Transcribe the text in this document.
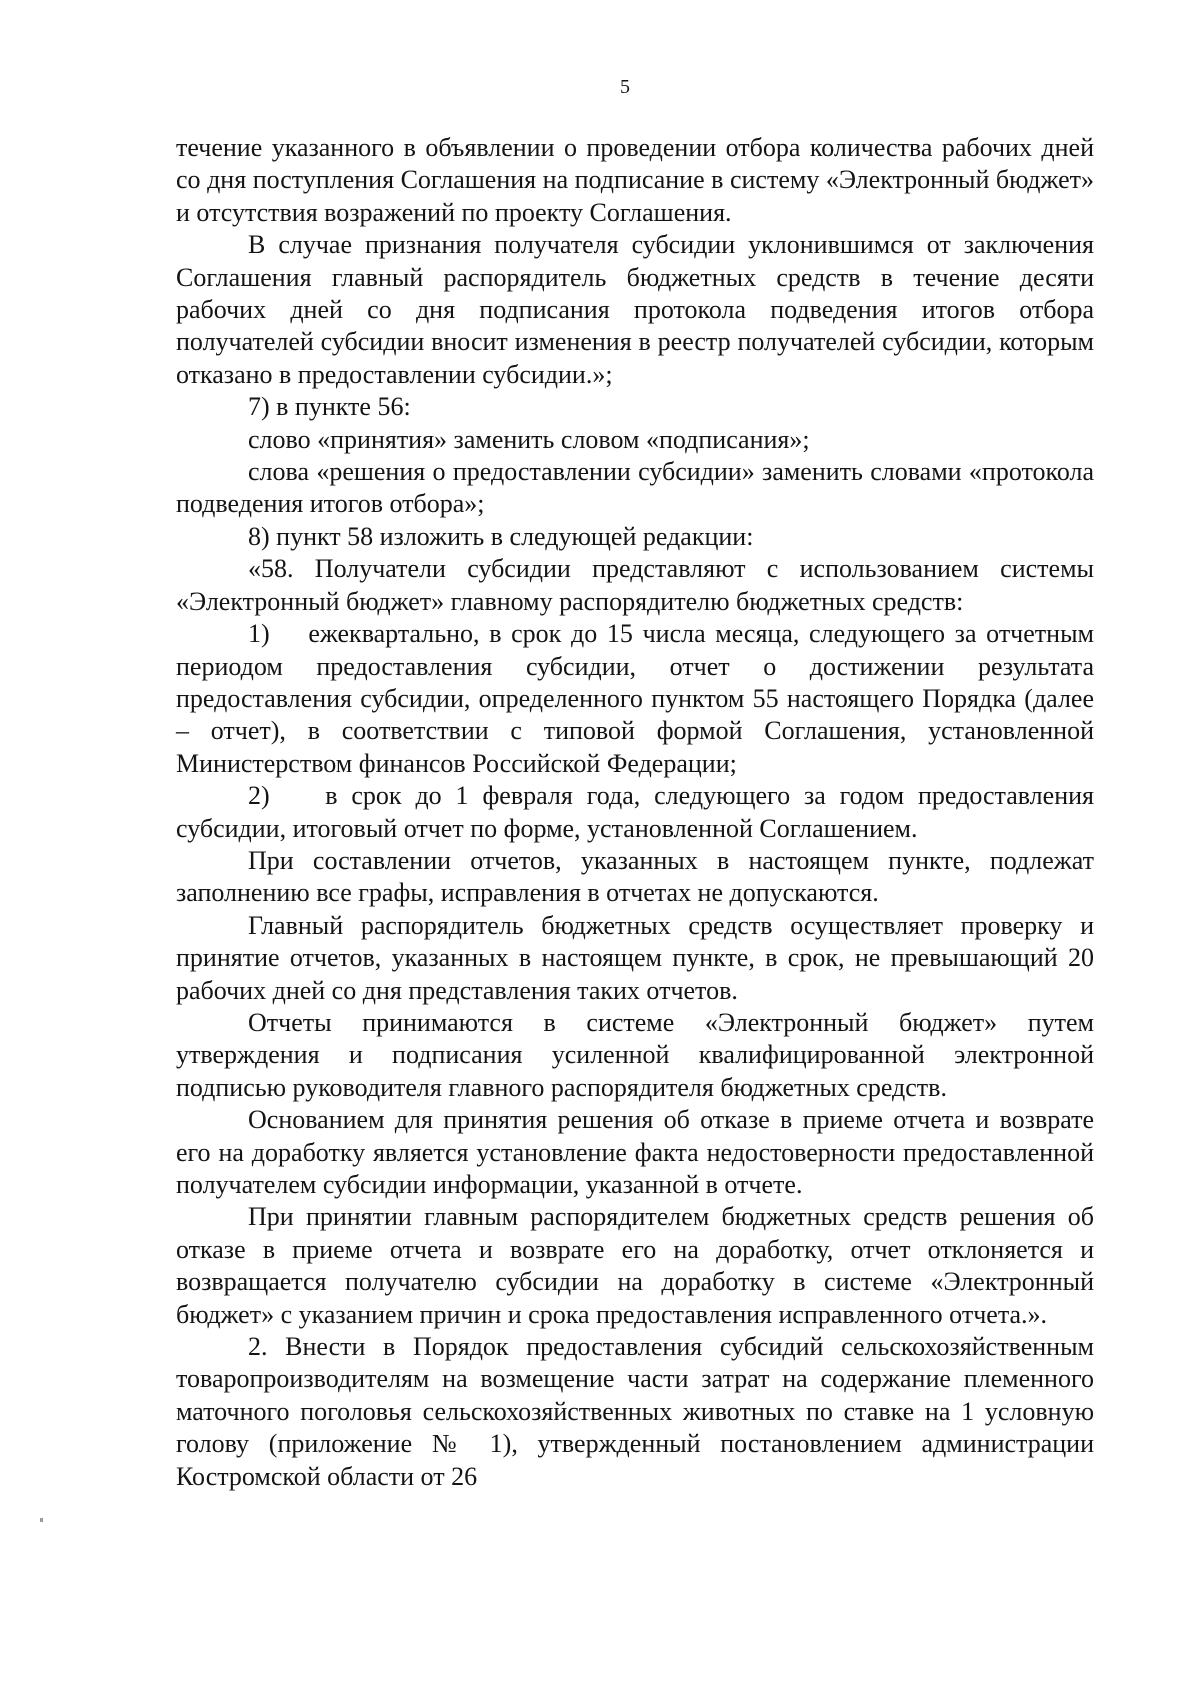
5

течение указанного в объявлении о проведении отбора количества рабочих дней со дня поступления Соглашения на подписание в систему «Электронный бюджет» и отсутствия возражений по проекту Соглашения.

В случае признания получателя субсидии уклонившимся от заключения Соглашения главный распорядитель бюджетных средств в течение десяти рабочих дней со дня подписания протокола подведения итогов отбора получателей субсидии вносит изменения в реестр получателей субсидии, которым отказано в предоставлении субсидии.»;

7) в пункте 56:

слово «принятия» заменить словом «подписания»;

слова «решения о предоставлении субсидии» заменить словами «протокола подведения итогов отбора»;

8) пункт 58 изложить в следующей редакции:

«58. Получатели субсидии представляют с использованием системы «Электронный бюджет» главному распорядителю бюджетных средств:

1)    ежеквартально, в срок до 15 числа месяца, следующего за отчетным периодом предоставления субсидии, отчет о достижении результата предоставления субсидии, определенного пунктом 55 настоящего Порядка (далее – отчет), в соответствии с типовой формой Соглашения, установленной Министерством финансов Российской Федерации;

2)    в срок до 1 февраля года, следующего за годом предоставления субсидии, итоговый отчет по форме, установленной Соглашением.

При составлении отчетов, указанных в настоящем пункте, подлежат заполнению все графы, исправления в отчетах не допускаются.

Главный распорядитель бюджетных средств осуществляет проверку и принятие отчетов, указанных в настоящем пункте, в срок, не превышающий 20 рабочих дней со дня представления таких отчетов.

Отчеты принимаются в системе «Электронный бюджет» путем утверждения и подписания усиленной квалифицированной электронной подписью руководителя главного распорядителя бюджетных средств.

Основанием для принятия решения об отказе в приеме отчета и возврате его на доработку является установление факта недостоверности предоставленной получателем субсидии информации, указанной в отчете.

При принятии главным распорядителем бюджетных средств решения об отказе в приеме отчета и возврате его на доработку, отчет отклоняется и возвращается получателю субсидии на доработку в системе «Электронный бюджет» с указанием причин и срока предоставления исправленного отчета.».

2. Внести в Порядок предоставления субсидий сельскохозяйственным товаропроизводителям на возмещение части затрат на содержание племенного маточного поголовья сельскохозяйственных животных по ставке на 1 условную голову (приложение № 1), утвержденный постановлением администрации Костромской области от 26
